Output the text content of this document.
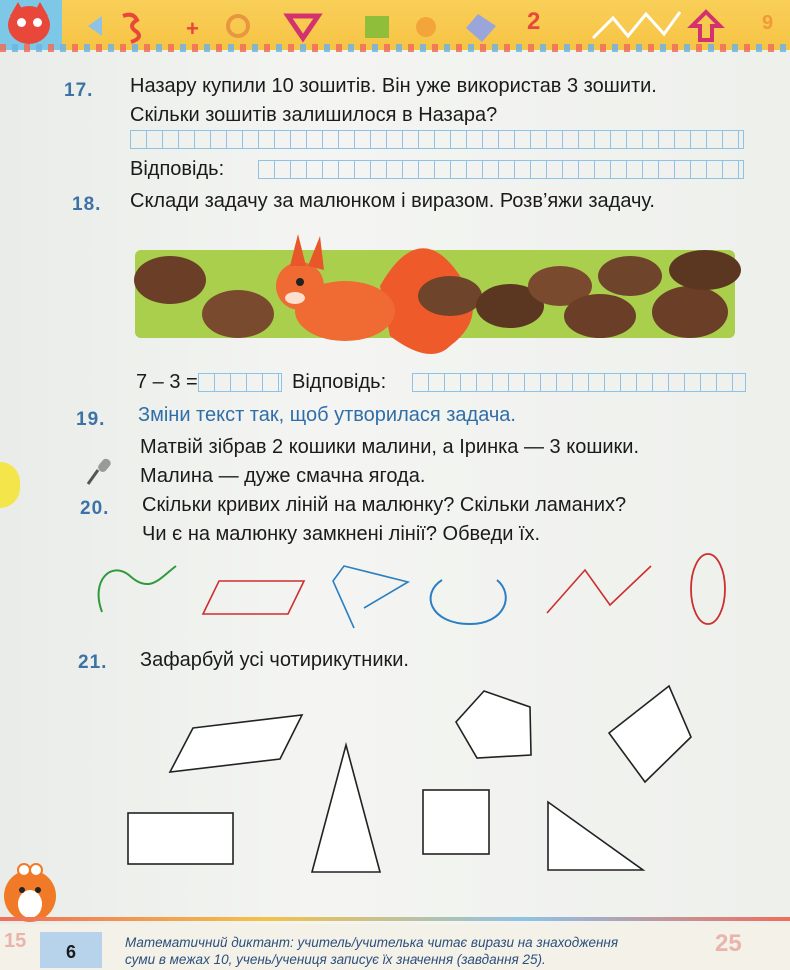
+	2	9
17. Назару купили 10 зошитів. Він уже використав 3 зошити.
Скільки зошитів залишилося в Назара?
Відповідь:
18. Склади задачу за малюнком і виразом. Розв’яжи задачу.
7 – 3 =	Відповідь:
19. Зміни текст так, щоб утворилася задача.
Матвій зібрав 2 кошики малини, а Іринка — 3 кошики.
Малина — дуже смачна ягода.
20. Скільки кривих ліній на малюнку? Скільки ламаних?
Чи є на малюнку замкнені лінії? Обведи їх.
21. Зафарбуй усі чотирикутники.
15 6	Математичний диктант: учитель/учителька читає вирази на знаходження суми в межах 10, учень/учениця записує їх значення (завдання 25).
25
